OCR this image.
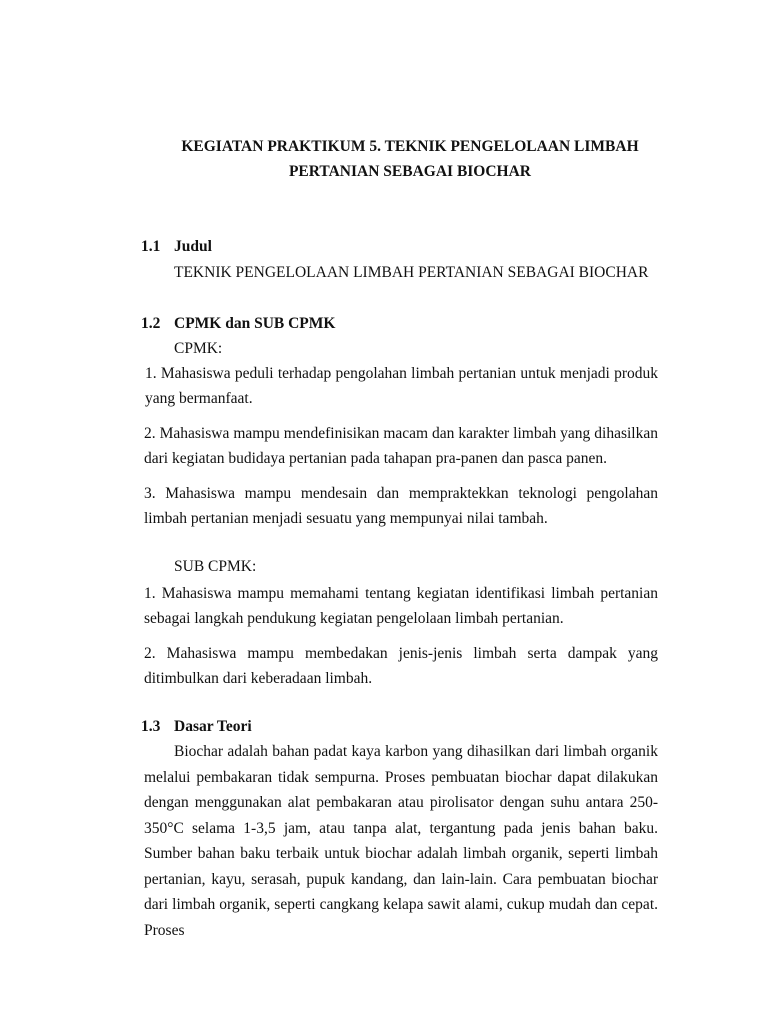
KEGIATAN PRAKTIKUM 5. TEKNIK PENGELOLAAN LIMBAH
PERTANIAN SEBAGAI BIOCHAR
1.1 Judul
TEKNIK PENGELOLAAN LIMBAH PERTANIAN SEBAGAI BIOCHAR
1.2 CPMK dan SUB CPMK
CPMK:
1. Mahasiswa peduli terhadap pengolahan limbah pertanian untuk menjadi produk yang bermanfaat.
2. Mahasiswa mampu mendefinisikan macam dan karakter limbah yang dihasilkan dari kegiatan budidaya pertanian pada tahapan pra-panen dan pasca panen.
3. Mahasiswa mampu mendesain dan mempraktekkan teknologi pengolahan limbah pertanian menjadi sesuatu yang mempunyai nilai tambah.
SUB CPMK:
1. Mahasiswa mampu memahami tentang kegiatan identifikasi limbah pertanian sebagai langkah pendukung kegiatan pengelolaan limbah pertanian.
2. Mahasiswa mampu membedakan jenis-jenis limbah serta dampak yang ditimbulkan dari keberadaan limbah.
1.3 Dasar Teori
Biochar adalah bahan padat kaya karbon yang dihasilkan dari limbah organik melalui pembakaran tidak sempurna. Proses pembuatan biochar dapat dilakukan dengan menggunakan alat pembakaran atau pirolisator dengan suhu antara 250-350°C selama 1-3,5 jam, atau tanpa alat, tergantung pada jenis bahan baku. Sumber bahan baku terbaik untuk biochar adalah limbah organik, seperti limbah pertanian, kayu, serasah, pupuk kandang, dan lain-lain. Cara pembuatan biochar dari limbah organik, seperti cangkang kelapa sawit alami, cukup mudah dan cepat. Proses
